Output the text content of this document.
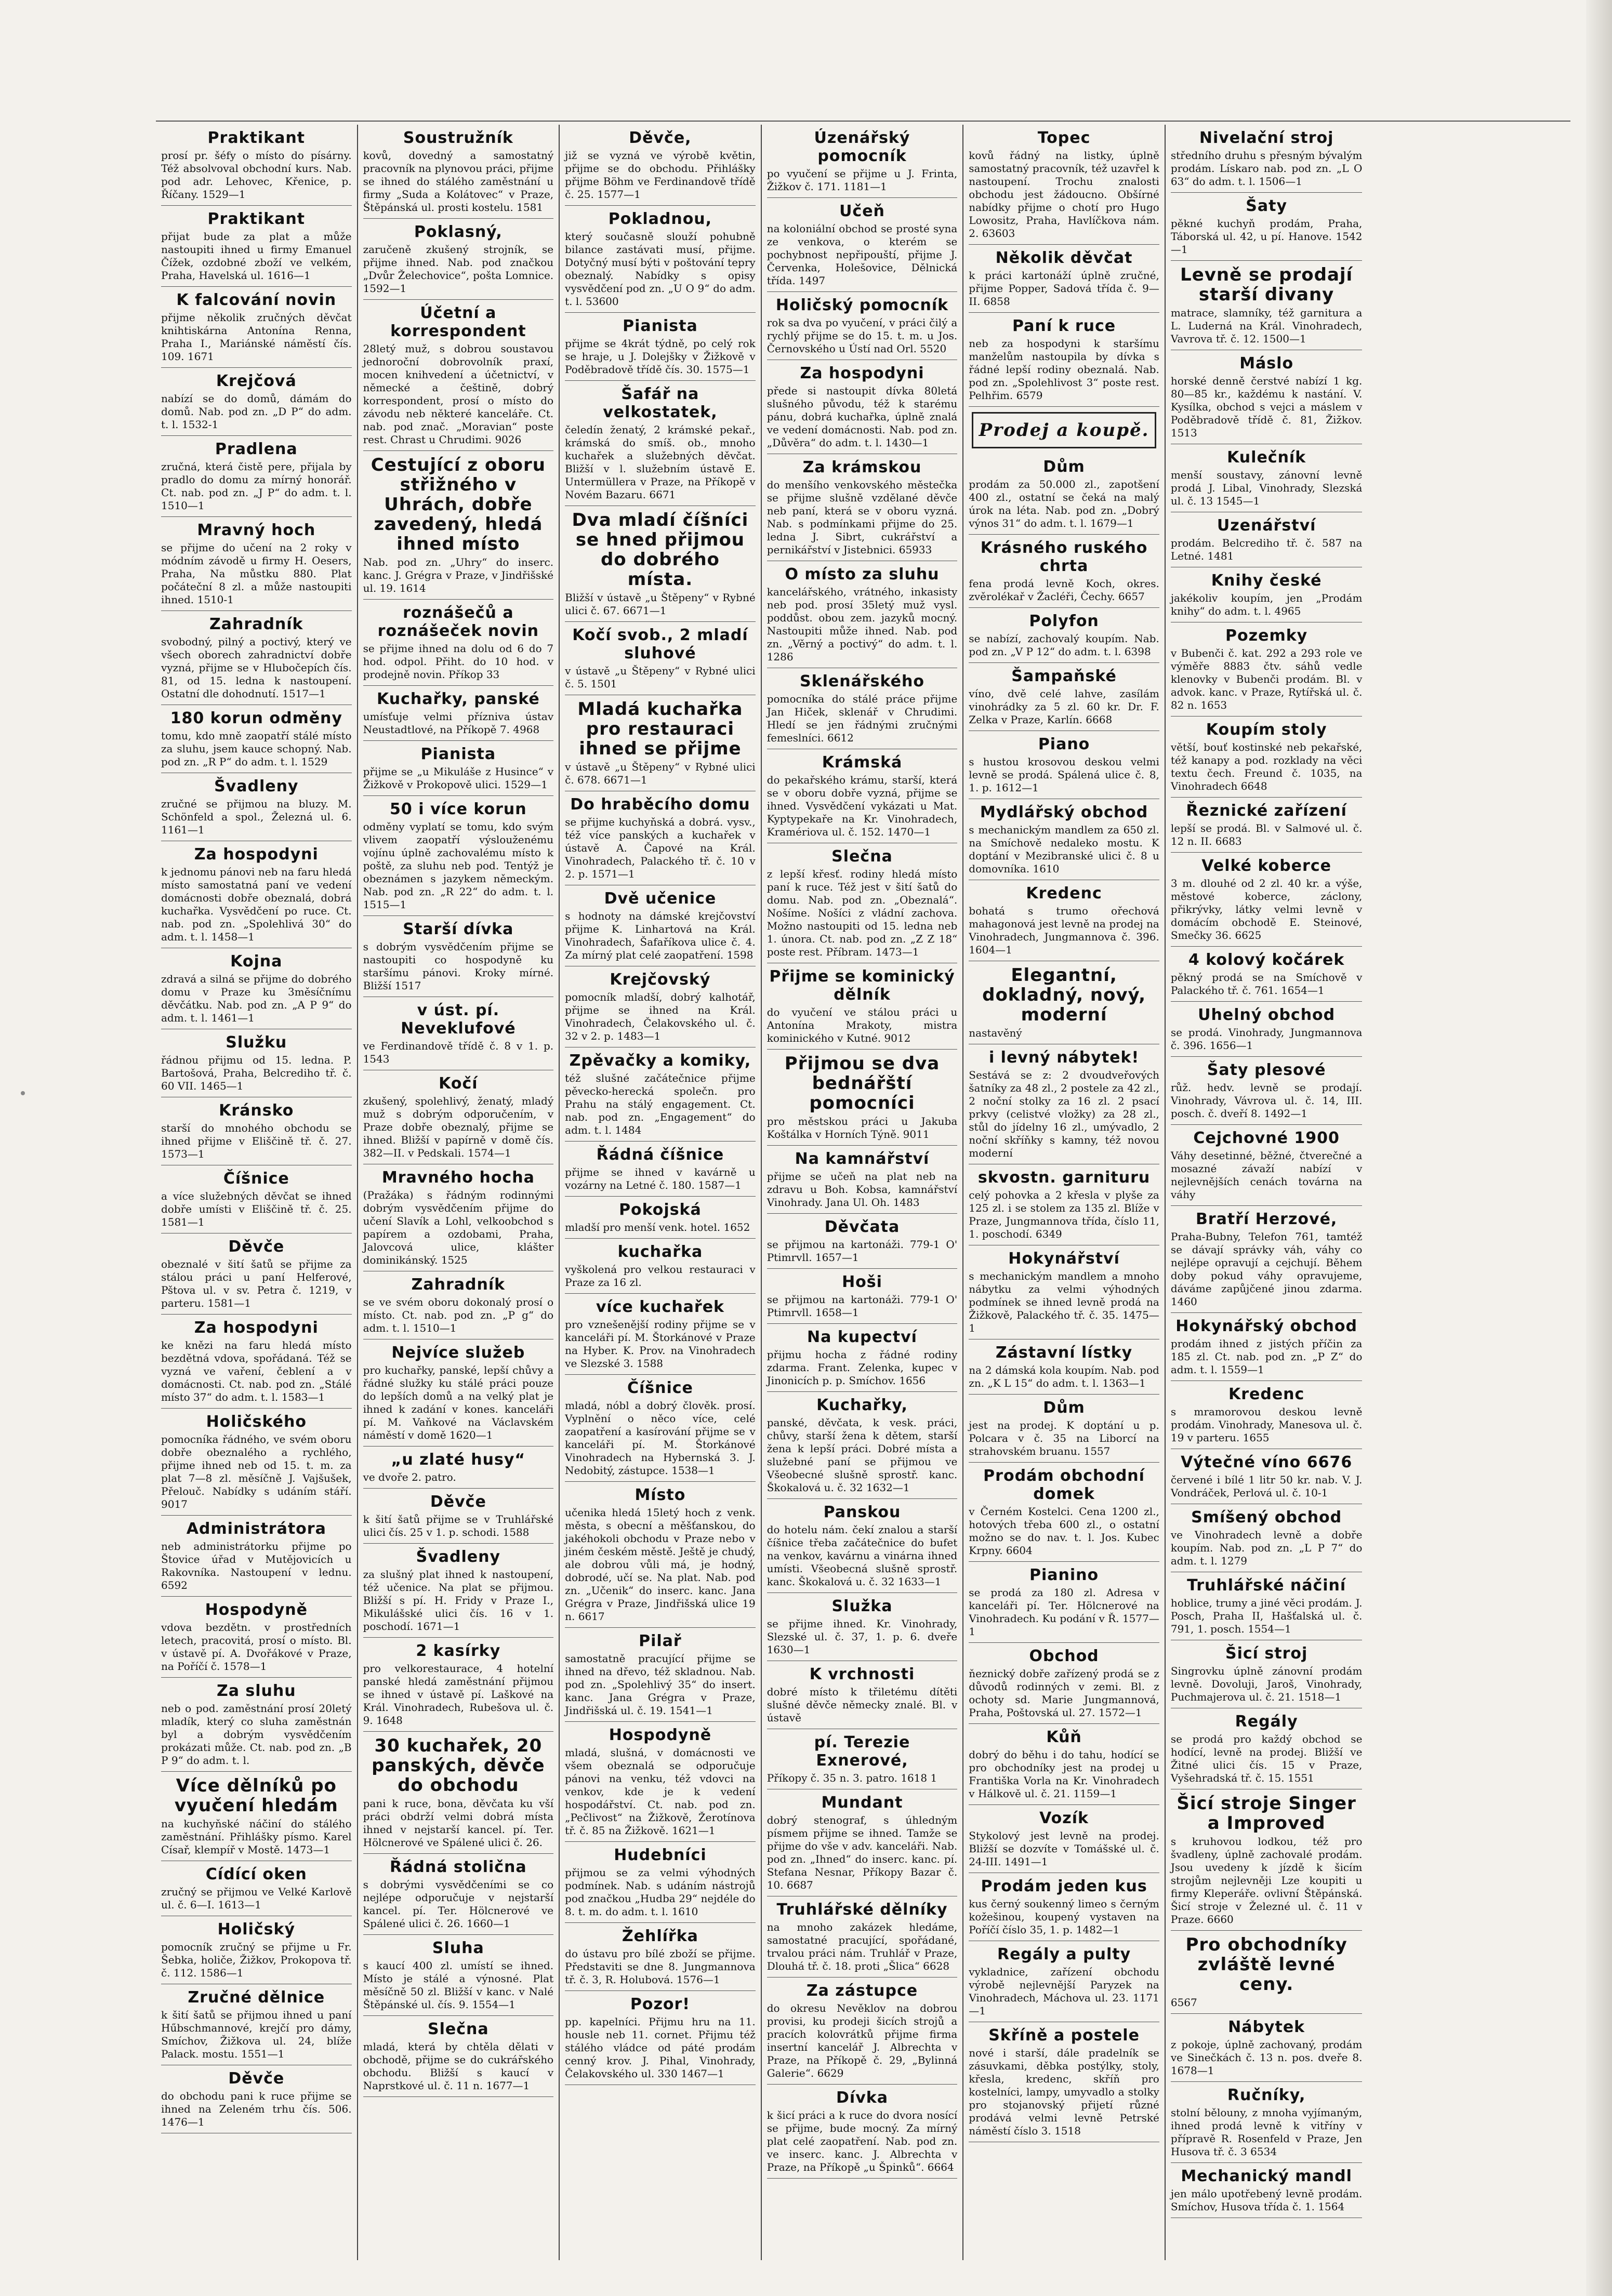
Praktikant

prosí pr. šéfy o místo do písárny. Též absolvoval obchodní kurs. Nab. pod adr. Lehovec, Křenice, p. Říčany. 1529—1

Praktikant

přijat bude za plat a může nastoupiti ihned u firmy Emanuel Čížek, ozdobné zboží ve velkém, Praha, Havelská ul. 1616—1

K falcování novin

přijme několik zručných děvčat knihtiskárna Antonína Renna, Praha I., Mariánské náměstí čís. 109. 1671

Krejčová

nabízí se do domů, dámám do domů. Nab. pod zn. „D P“ do adm. t. l. 1532-1

Pradlena

zručná, která čistě pere, přijala by pradlo do domu za mírný honorář. Ct. nab. pod zn. „J P“ do adm. t. l. 1510—1

Mravný hoch

se přijme do učení na 2 roky v módním závodě u firmy H. Oesers, Praha, Na můstku 880. Plat počáteční 8 zl. a může nastoupiti ihned. 1510-1

Zahradník

svobodný, pilný a poctivý, který ve všech oborech zahradnictví dobře vyzná, přijme se v Hlubočepích čís. 81, od 15. ledna k nastoupení. Ostatní dle dohodnutí. 1517—1

180 korun odměny

tomu, kdo mně zaopatří stálé místo za sluhu, jsem kauce schopný. Nab. pod zn. „R P“ do adm. t. l. 1529

Švadleny

zručné se přijmou na bluzy. M. Schönfeld a spol., Železná ul. 6. 1161—1

Za hospodyni

k jednomu pánovi neb na faru hledá místo samostatná paní ve vedení domácnosti dobře obeznalá, dobrá kuchařka. Vysvědčení po ruce. Ct. nab. pod zn. „Spolehlivá 30“ do adm. t. l. 1458—1

Kojna

zdravá a silná se přijme do dobrého domu v Praze ku 3měsíčnímu děvčátku. Nab. pod zn. „A P 9“ do adm. t. l. 1461—1

Služku

řádnou přijmu od 15. ledna. P. Bartošová, Praha, Belcrediho tř. č. 60 VII. 1465—1

Kránsko

starší do mnohého obchodu se ihned přijme v Eliščině tř. č. 27. 1573—1

Číšnice

a více služebných děvčat se ihned dobře umísti v Eliščině tř. č. 25. 1581—1

Děvče

obeznalé v šití šatů se přijme za stálou práci u paní Helferové, Pštova ul. v sv. Petra č. 1219, v parteru. 1581—1

Za hospodyni

ke knězi na faru hledá místo bezdětná vdova, spořádaná. Též se vyzná ve vaření, čeblení a v domácnosti. Ct. nab. pod zn. „Stálé místo 37“ do adm. t. l. 1583—1

Holičského

pomocníka řádného, ve svém oboru dobře obeznalého a rychlého, přijme ihned neb od 15. t. m. za plat 7—8 zl. měsíčně J. Vajšušek, Přelouč. Nabídky s udáním stáří. 9017

Administrátora

neb administrátorku přijme po Štovice úřad v Mutějovicích u Rakovníka. Nastoupení v lednu. 6592

Hospodyně

vdova bezdětn. v prostředních letech, pracovitá, prosí o místo. Bl. v ústavě pí. A. Dvořákové v Praze, na Poříčí č. 1578—1

Za sluhu

neb o pod. zaměstnání prosí 20letý mladík, který co sluha zaměstnán byl a dobrým vysvědčením prokázati může. Ct. nab. pod zn. „B P 9“ do adm. t. l.

Více dělníků po vyučení hledám

na kuchyňské náčiní do stálého zaměstnání. Přihlášky písmo. Karel Císař, klempíř v Mostě. 1473—1

Cídící oken

zručný se přijmou ve Velké Karlově ul. č. 6—I. 1613—1

Holičský

pomocník zručný se přijme u Fr. Šebka, holiče, Žižkov, Prokopova tř. č. 112. 1586—1

Zručné dělnice

k šití šatů se přijmou ihned u paní Hűbschmannové, krejčí pro dámy, Smíchov, Žižkova ul. 24, blíže Palack. mostu. 1551—1

Děvče

do obchodu pani k ruce přijme se ihned na Zeleném trhu čís. 506. 1476—1

Soustružník

kovů, dovedný a samostatný pracovník na plynovou práci, přijme se ihned do stálého zaměstnání u firmy „Suda a Kolátovec“ v Praze, Štěpánská ul. prosti kostelu. 1581

Poklasný,

zaručeně zkušený strojník, se přijme ihned. Nab. pod značkou „Dvůr Želechovice“, pošta Lomnice. 1592—1

Účetní a korrespondent

28letý muž, s dobrou soustavou jednoroční dobrovolník praxí, mocen knihvedení a účetnictví, v německé a češtině, dobrý korrespondent, prosí o místo do závodu neb některé kanceláře. Ct. nab. pod znač. „Moravian“ poste rest. Chrast u Chrudimi. 9026

Cestující z oboru střižného v Uhrách, dobře zavedený, hledá ihned místo

Nab. pod zn. „Uhry“ do inserc. kanc. J. Grégra v Praze, v Jindřišské ul. 19. 1614

roznášečů a roznášeček novin

se přijme ihned na dolu od 6 do 7 hod. odpol. Přiht. do 10 hod. v prodejně novin. Příkop 33

Kuchařky, panské

umísťuje velmi přízniva ústav Neustadtlové, na Příkopě 7. 4968

Pianista

přijme se „u Mikuláše z Husince“ v Žižkově v Prokopově ulici. 1529—1

50 i více korun

odměny vyplatí se tomu, kdo svým vlivem zaopatří výslouženému vojínu úplně zachovalému místo k poště, za sluhu neb pod. Tentýž je obeznámen s jazykem německým. Nab. pod zn. „R 22“ do adm. t. l. 1515—1

Starší dívka

s dobrým vysvědčením přijme se nastoupiti co hospodyně ku staršímu pánovi. Kroky mírné. Bližší 1517

v úst. pí. Neveklufové

ve Ferdinandově třídě č. 8 v 1. p. 1543

Kočí

zkušený, spolehlivý, ženatý, mladý muž s dobrým odporučením, v Praze dobře obeznalý, přijme se ihned. Bližší v papírně v domě čís. 382—II. v Pedskali. 1574—1

Mravného hocha

(Pražáka) s řádným rodinnými dobrým vysvědčením přijme do učení Slavík a Lohl, velkoobchod s papírem a ozdobami, Praha, Jalovcová ulice, klášter dominikánský. 1525

Zahradník

se ve svém oboru dokonalý prosí o místo. Ct. nab. pod zn. „P g“ do adm. t. l. 1510—1

Nejvíce služeb

pro kuchařky, panské, lepší chůvy a řádné služky ku stálé práci pouze do lepších domů a na velký plat je ihned k zadání v kones. kanceláři pí. M. Vaňkové na Václavském náměstí v domě 1620—1

„u zlaté husy“

ve dvoře 2. patro.

Děvče

k šití šatů přijme se v Truhlářské ulici čís. 25 v 1. p. schodi. 1588

Švadleny

za slušný plat ihned k nastoupení, též učenice. Na plat se přijmou. Bližší s pí. H. Fridy v Praze I., Mikulášské ulici čís. 16 v 1. poschodí. 1671—1

2 kasírky

pro velkorestaurace, 4 hotelní panské hledá zaměstnání přijmou se ihned v ústavě pí. Laškové na Král. Vinohradech, Rubešova ul. č. 9. 1648

30 kuchařek, 20 panských, děvče do obchodu

pani k ruce, bona, děvčata ku vší práci obdrží velmi dobrá místa ihned v nejstarší kancel. pí. Ter. Hölcnerové ve Spálené ulici č. 26.

Řádná stolična

s dobrými vysvědčeními se co nejlépe odporučuje v nejstarší kancel. pí. Ter. Hölcnerové ve Spálené ulici č. 26. 1660—1

Sluha

s kaucí 400 zl. umístí se ihned. Místo je stálé a výnosné. Plat měsíčně 50 zl. Bližší v kanc. v Nalé Štěpánské ul. čís. 9. 1554—1

Slečna

mladá, která by chtěla dělati v obchodě, přijme se do cukrářského obchodu. Bližší s kaucí v Naprstkové ul. č. 11 n. 1677—1

Děvče,

již se vyzná ve výrobě květin, přijme se do obchodu. Přihlášky přijme Böhm ve Ferdinandově třídě č. 25. 1577—1

Pokladnou,

který současně slouží pohubně bilance zastávati musí, přijme. Dotyčný musí býti v poštování tepry obeznalý. Nabídky s opisy vysvědčení pod zn. „U O 9“ do adm. t. l. 53600

Pianista

přijme se 4krát týdně, po celý rok se hraje, u J. Dolejšky v Žižkově v Poděbradově třídě čís. 30. 1575—1

Šafář na velkostatek,

čeledín ženatý, 2 krámské pekař., krámská do smíš. ob., mnoho kuchařek a služebných děvčat. Bližší v l. služebním ústavě E. Untermüllera v Praze, na Příkopě v Novém Bazaru. 6671

Dva mladí číšníci se hned přijmou do dobrého místa.

Bližší v ústavě „u Štěpeny“ v Rybné ulici č. 67. 6671—1

Kočí svob., 2 mladí sluhové

v ústavě „u Štěpeny“ v Rybné ulici č. 5. 1501

Mladá kuchařka pro restauraci ihned se přijme

v ústavě „u Štěpeny“ v Rybné ulici č. 678. 6671—1

Do hraběcího domu

se přijme kuchyňská a dobrá. vysv., též více panských a kuchařek v ústavě A. Čapové na Král. Vinohradech, Palackého tř. č. 10 v 2. p. 1571—1

Dvě učenice

s hodnoty na dámské krejčovství přijme K. Linhartová na Král. Vinohradech, Šafaříkova ulice č. 4. Za mírný plat celé zaopatření. 1598

Krejčovský

pomocník mladší, dobrý kalhotář, přijme se ihned na Král. Vinohradech, Čelakovského ul. č. 32 v 2. p. 1483—1

Zpěvačky a komiky,

též slušné začátečnice přijme pěvecko-herecká společn. pro Prahu na stálý engagement. Ct. nab. pod zn. „Engagement“ do adm. t. l. 1484

Řádná číšnice

přijme se ihned v kavárně u vozárny na Letné č. 180. 1587—1

Pokojská

mladší pro menší venk. hotel. 1652

kuchařka

vyškolená pro velkou restauraci v Praze za 16 zl.

více kuchařek

pro vznešenější rodiny přijme se v kanceláři pí. M. Štorkánové v Praze na Hyber. K. Prov. na Vinohradech ve Slezské 3. 1588

Číšnice

mladá, nóbl a dobrý člověk. prosí. Vyplnění o něco více, celé zaopatření a kasírování přijme se v kanceláři pí. M. Štorkánové Vinohradech na Hybernská 3. J. Nedobitý, zástupce. 1538—1

Místo

učenika hledá 15letý hoch z venk. města, s obecní a měšťanskou, do jakéhokoli obchodu v Praze nebo v jiném českém městě. Ještě je chudý, ale dobrou vůli má, je hodný, dobrodé, učí se. Na plat. Nab. pod zn. „Učenik“ do inserc. kanc. Jana Grégra v Praze, Jindřišská ulice 19 n. 6617

Pilař

samostatně pracující přijme se ihned na dřevo, též skladnou. Nab. pod zn. „Spolehlivý 35“ do insert. kanc. Jana Grégra v Praze, Jindřišská ul. č. 19. 1541—1

Hospodyně

mladá, slušná, v domácnosti ve všem obeznalá se odporučuje pánovi na venku, též vdovci na venkov, kde je k vedení hospodářství. Ct. nab. pod zn. „Pečlivost“ na Žižkově, Žerotínova tř. č. 85 na Žižkově. 1621—1

Hudebníci

přijmou se za velmi výhodných podmínek. Nab. s udáním nástrojů pod značkou „Hudba 29“ nejdéle do 8. t. m. do adm. t. l. 1610

Žehlířka

do ústavu pro bílé zboží se přijme. Představiti se dne 8. Jungmannova tř. č. 3, R. Holubová. 1576—1

Pozor!

pp. kapelníci. Přijmu hru na 11. housle neb 11. cornet. Přijmu též stálého vládce od páté prodám cenný krov. J. Pihal, Vinohrady, Čelakovského ul. 330 1467—1

Úzenářský pomocník

po vyučení se přijme u J. Frinta, Žižkov č. 171. 1181—1

Učeň

na koloniální obchod se prosté syna ze venkova, o kterém se pochybnost nepřipouští, přijme J. Červenka, Holešovice, Dělnická třída. 1497

Holičský pomocník

rok sa dva po vyučení, v práci čilý a rychlý přijme se do 15. t. m. u Jos. Černovského u Ústí nad Orl. 5520

Za hospodyni

přede si nastoupit dívka 80letá slušného původu, též k starému pánu, dobrá kuchařka, úplně znalá ve vedení domácnosti. Nab. pod zn. „Důvěra“ do adm. t. l. 1430—1

Za krámskou

do menšího venkovského městečka se přijme slušně vzdělané děvče neb paní, která se v oboru vyzná. Nab. s podmínkami přijme do 25. ledna J. Sibrt, cukrářství a pernikářství v Jistebnici. 65933

O místo za sluhu

kancelářského, vrátného, inkasisty neb pod. prosí 35letý muž vysl. poddůst. obou zem. jazyků mocný. Nastoupiti může ihned. Nab. pod zn. „Věrný a poctivý“ do adm. t. l. 1286

Sklenářského

pomocníka do stálé práce přijme Jan Hiček, sklenář v Chrudimi. Hledí se jen řádnými zručnými femeslníci. 6612

Krámská

do pekařského krámu, starší, která se v oboru dobře vyzná, přijme se ihned. Vysvědčení vykázati u Mat. Kyptypekaře na Kr. Vinohradech, Kramériova ul. č. 152. 1470—1

Slečna

z lepší křesť. rodiny hledá místo paní k ruce. Též jest v šití šatů do domu. Nab. pod zn. „Obeznalá“. Nošíme. Nošíci z vládní zachova. Možno nastoupiti od 15. ledna neb 1. února. Ct. nab. pod zn. „Z Z 18“ poste rest. Příbram. 1473—1

Přijme se kominický dělník

do vyučení ve stálou práci u Antonína Mrakoty, mistra kominického v Kutné. 9012

Přijmou se dva bednářští pomocníci

pro městskou práci u Jakuba Koštálka v Horních Týně. 9011

Na kamnářství

přijme se učeň na plat neb na zdravu u Boh. Kobsa, kamnářství Vinohrady. Jana Ul. Oh. 1483

Děvčata

se přijmou na kartonáži. 779-1 O' Ptimrvll. 1657—1

Hoši

se přijmou na kartonáži. 779-1 O' Ptimrvll. 1658—1

Na kupectví

přijmu hocha z řádné rodiny zdarma. Frant. Zelenka, kupec v Jinonicích p. p. Smíchov. 1656

Kuchařky,

panské, děvčata, k vesk. práci, chůvy, starší žena k dětem, starší žena k lepší práci. Dobré místa a služebné paní se přijmou ve Všeobecné slušně sprostř. kanc. Škokalová u. č. 32 1632—1

Panskou

do hotelu nám. čekí znalou a starší číšnice třeba začátečnice do bufet na venkov, kavárnu a vinárna ihned umísti. Všeobecná slušně sprostř. kanc. Škokalová u. č. 32 1633—1

Služka

se přijme ihned. Kr. Vinohrady, Slezské ul. č. 37, 1. p. 6. dveře 1630—1

K vrchnosti

dobré místo k třiletému dítěti slušné děvče německy znalé. Bl. v ústavě

pí. Terezie Exnerové,

Příkopy č. 35 n. 3. patro. 1618 1

Mundant

dobrý stenograf, s úhledným písmem přijme se ihned. Tamže se přijme do vše v adv. kanceláři. Nab. pod zn. „Ihned“ do inserc. kanc. pí. Stefana Nesnar, Příkopy Bazar č. 10. 6687

Truhlářské dělníky

na mnoho zakázek hledáme, samostatné pracující, spořádané, trvalou práci nám. Truhlář v Praze, Dlouhá tř. č. 18. proti „Šlica“ 6628

Za zástupce

do okresu Nevěklov na dobrou provisi, ku prodeji šicích strojů a pracích kolovrátků přijme firma insertní kancelář J. Albrechta v Praze, na Příkopě č. 29, „Bylinná Galerie“. 6629

Dívka

k šicí práci a k ruce do dvora nosící se přijme, bude mocný. Za mírný plat celé zaopatření. Nab. pod zn. ve inserc. kanc. J. Albrechta v Praze, na Příkopě „u Špinků“. 6664

Topec

kovů řádný na listky, úplně samostatný pracovník, též uzavřel k nastoupení. Trochu znalosti obchodu jest žádoucno. Obšírné nabídky přijme o chotí pro Hugo Lowositz, Praha, Havlíčkova nám. 2. 63603

Několik děvčat

k práci kartonáží úplně zručné, přijme Popper, Sadová třída č. 9—II. 6858

Paní k ruce

neb za hospodyni k staršímu manželům nastoupila by dívka s řádné lepší rodiny obeznalá. Nab. pod zn. „Spolehlivost 3“ poste rest. Pelhřim. 6579

Prodej a koupě.
Dům

prodám za 50.000 zl., zapotšení 400 zl., ostatní se čeká na malý úrok na léta. Nab. pod zn. „Dobrý výnos 31“ do adm. t. l. 1679—1

Krásného ruského chrta

fena prodá levně Koch, okres. zvěrolékař v Žacléři, Čechy. 6657

Polyfon

se nabízí, zachovalý koupím. Nab. pod zn. „V P 12“ do adm. t. l. 6398

Šampaňské

víno, dvě celé lahve, zasílám vinohrádky za 5 zl. 60 kr. Dr. F. Zelka v Praze, Karlín. 6668

Piano

s hustou krosovou deskou velmi levně se prodá. Spálená ulice č. 8, 1. p. 1612—1

Mydlářský obchod

s mechanickým mandlem za 650 zl. na Smíchově nedaleko mostu. K doptání v Mezibranské ulici č. 8 u domovníka. 1610

Kredenc

bohatá s trumo ořechová mahagonová jest levně na prodej na Vinohradech, Jungmannova č. 396. 1604—1

Elegantní, dokladný, nový, moderní

nastavěný

i levný nábytek!

Sestává se z: 2 dvoudveřových šatníky za 48 zl., 2 postele za 42 zl., 2 noční stolky za 16 zl. 2 psací prkvy (celistvé vložky) za 28 zl., stůl do jídelny 16 zl., umývadlo, 2 noční skříňky s kamny, též novou moderní

skvostn. garnituru

celý pohovka a 2 křesla v plyše za 125 zl. i se stolem za 135 zl. Blíže v Praze, Jungmannova třída, číslo 11, 1. poschodí. 6349

Hokynářství

s mechanickým mandlem a mnoho nábytku za velmi výhodných podmínek se ihned levně prodá na Žižkově, Palackého tř. č. 35. 1475—1

Zástavní lístky

na 2 dámská kola koupím. Nab. pod zn. „K L 15“ do adm. t. l. 1363—1

Dům

jest na prodej. K doptání u p. Polcara v č. 35 na Liborcí na strahovském bruanu. 1557

Prodám obchodní domek

v Černém Kostelci. Cena 1200 zl., hotových třeba 600 zl., o ostatní možno se do nav. t. l. Jos. Kubec Krpny. 6604

Pianino

se prodá za 180 zl. Adresa v kanceláři pí. Ter. Hölcnerové na Vinohradech. Ku podání v Ř. 1577—1

Obchod

ňeznický dobře zařízený prodá se z důvodů rodinných v zemi. Bl. z ochoty sd. Marie Jungmannová, Praha, Poštovská ul. 27. 1572—1

Kůň

dobrý do běhu i do tahu, hodící se pro obchodníky jest na prodej u Františka Vorla na Kr. Vinohradech v Hálkově ul. č. 21. 1159—1

Vozík

Stykolový jest levně na prodej. Bližší se dozvíte v Tomášské ul. č. 24-III. 1491—1

Prodám jeden kus

kus černý soukenný limeo s černým kožešinou, koupený vystaven na Poříčí číslo 35, 1. p. 1482—1

Regály a pulty

vykladnice, zařízení obchodu výrobě nejlevnější Paryzek na Vinohradech, Máchova ul. 23. 1171—1

Skříně a postele

nové i starší, dále pradelník se zásuvkami, děbka postýlky, stoly, křesla, kredenc, skříň pro kostelníci, lampy, umyvadlo a stolky pro stojanovský přijetí různé prodává velmi levně Petrské náměstí číslo 3. 1518

Nivelační stroj

středního druhu s přesným bývalým prodám. Lískaro nab. pod zn. „L O 63“ do adm. t. l. 1506—1

Šaty

pěkné kuchyň prodám, Praha, Táborská ul. 42, u pí. Hanove. 1542—1

Levně se prodají starší divany

matrace, slamníky, též garnitura a L. Luderná na Král. Vinohradech, Vavrova tř. č. 12. 1500—1

Máslo

horské denně čerstvé nabízí 1 kg. 80—85 kr., každému k nastání. V. Kysílka, obchod s vejci a máslem v Poděbradově třídě č. 81, Žižkov. 1513

Kulečník

menší soustavy, zánovní levně prodá J. Libal, Vinohrady, Slezská ul. č. 13 1545—1

Uzenářství

prodám. Belcrediho tř. č. 587 na Letné. 1481

Knihy české

jakékoliv koupím, jen „Prodám knihy“ do adm. t. l. 4965

Pozemky

v Bubenči č. kat. 292 a 293 role ve výměře 8883 čtv. sáhů vedle klenovky v Bubenči prodám. Bl. v advok. kanc. v Praze, Rytířská ul. č. 82 n. 1653

Koupím stoly

větší, bouť kostinské neb pekařské, též kanapy a pod. rozklady na věci textu čech. Freund č. 1035, na Vinohradech 6648

Řeznické zařízení

lepší se prodá. Bl. v Salmové ul. č. 12 n. II. 6683

Velké koberce

3 m. dlouhé od 2 zl. 40 kr. a výše, městové koberce, záclony, přikrývky, látky velmi levně v domácím obchodě E. Steinové, Smečky 36. 6625

4 kolový kočárek

pěkný prodá se na Smíchově v Palackého tř. č. 761. 1654—1

Uhelný obchod

se prodá. Vinohrady, Jungmannova č. 396. 1656—1

Šaty plesové

růž. hedv. levně se prodají. Vinohrady, Vávrova ul. č. 14, III. posch. č. dveří 8. 1492—1

Cejchovné 1900

Váhy desetinné, běžné, čtverečné a mosazné závaží nabízí v nejlevnějších cenách továrna na váhy

Bratří Herzové,

Praha-Bubny, Telefon 761, tamtéž se dávají správky váh, váhy co nejlépe opravují a cejchují. Během doby pokud váhy opravujeme, dáváme zapůjčené jinou zdarma. 1460

Hokynářský obchod

prodám ihned z jistých příčin za 185 zl. Ct. nab. pod zn. „P Z“ do adm. t. l. 1559—1

Kredenc

s mramorovou deskou levně prodám. Vinohrady, Manesova ul. č. 19 v parteru. 1655

Výtečné víno 6676

červené i bílé 1 litr 50 kr. nab. V. J. Vondráček, Perlová ul. č. 10-1

Smíšený obchod

ve Vinohradech levně a dobře koupím. Nab. pod zn. „L P 7“ do adm. t. l. 1279

Truhlářské náčiní

hoblice, trumy a jiné věci prodám. J. Posch, Praha II, Hašťalská ul. č. 791, 1. posch. 1554—1

Šicí stroj

Singrovku úplně zánovní prodám levně. Dovoluji, Jaroš, Vinohrady, Puchmajerova ul. č. 21. 1518—1

Regály

se prodá pro každý obchod se hodící, levně na prodej. Bližší ve Žitné ulici čís. 15 v Praze, Vyšehradská tř. č. 15. 1551

Šicí stroje Singer a Improved

s kruhovou lodkou, též pro švadleny, úplně zachovalé prodám. Jsou uvedeny k jízdě k šicím strojům nejlevněji Lze koupiti u firmy Kleperáře. ovlivní Štěpánská. Šicí stroje v Železné ul. č. 11 v Praze. 6660

Pro obchodníky zvláště levné ceny.

6567

Nábytek

z pokoje, úplně zachovaný, prodám ve Sinečkách č. 13 n. pos. dveře 8. 1678—1

Ručníky,

stolní bělouny, z mnoha vyjímaným, ihned prodá levně k vitříny v přípravě R. Rosenfeld v Praze, Jen Husova tř. č. 3 6534

Mechanický mandl

jen málo upotřebený levně prodám. Smíchov, Husova třída č. 1. 1564
